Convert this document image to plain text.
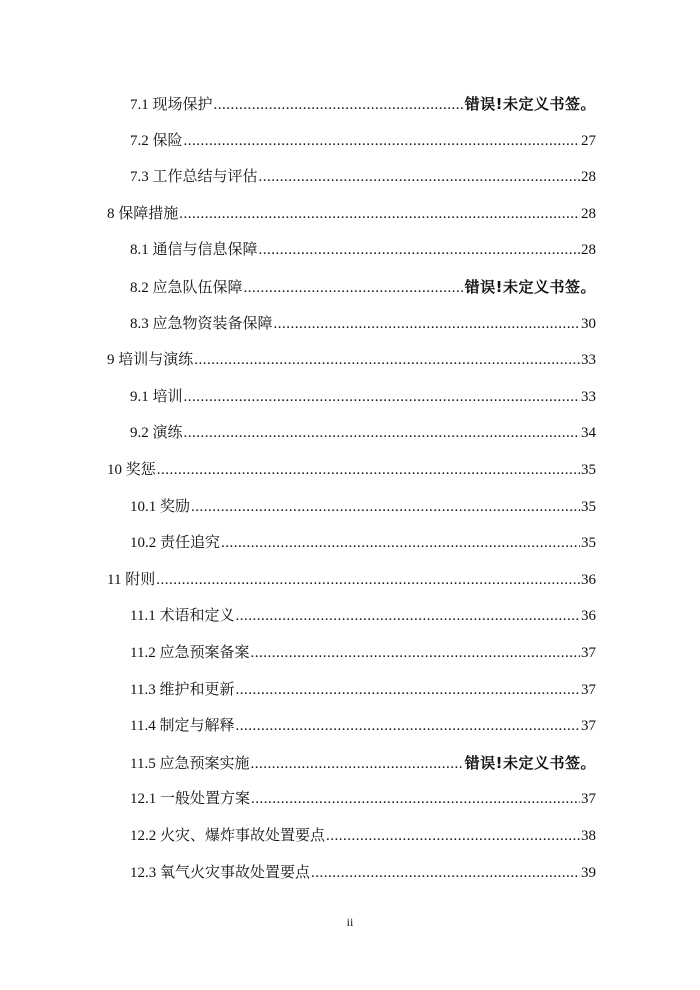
7.1 现场保护 .....	错误!未定义书签。
7.2 保险 .....	27
7.3 工作总结与评估 .....	28
8 保障措施 .....	28
8.1 通信与信息保障 .....	28
8.2 应急队伍保障 .....	错误!未定义书签。
8.3 应急物资装备保障 .....	30
9 培训与演练 .....	33
9.1 培训 .....	33
9.2 演练 .....	34
10 奖惩 .....	35
10.1 奖励 .....	35
10.2 责任追究 .....	35
11 附则 .....	36
11.1 术语和定义 .....	36
11.2 应急预案备案 .....	37
11.3 维护和更新 .....	37
11.4 制定与解释 .....	37
11.5 应急预案实施 .....	错误!未定义书签。
12.1 一般处置方案 .....	37
12.2 火灾、爆炸事故处置要点 .....	38
12.3 氧气火灾事故处置要点 .....	39
ii
